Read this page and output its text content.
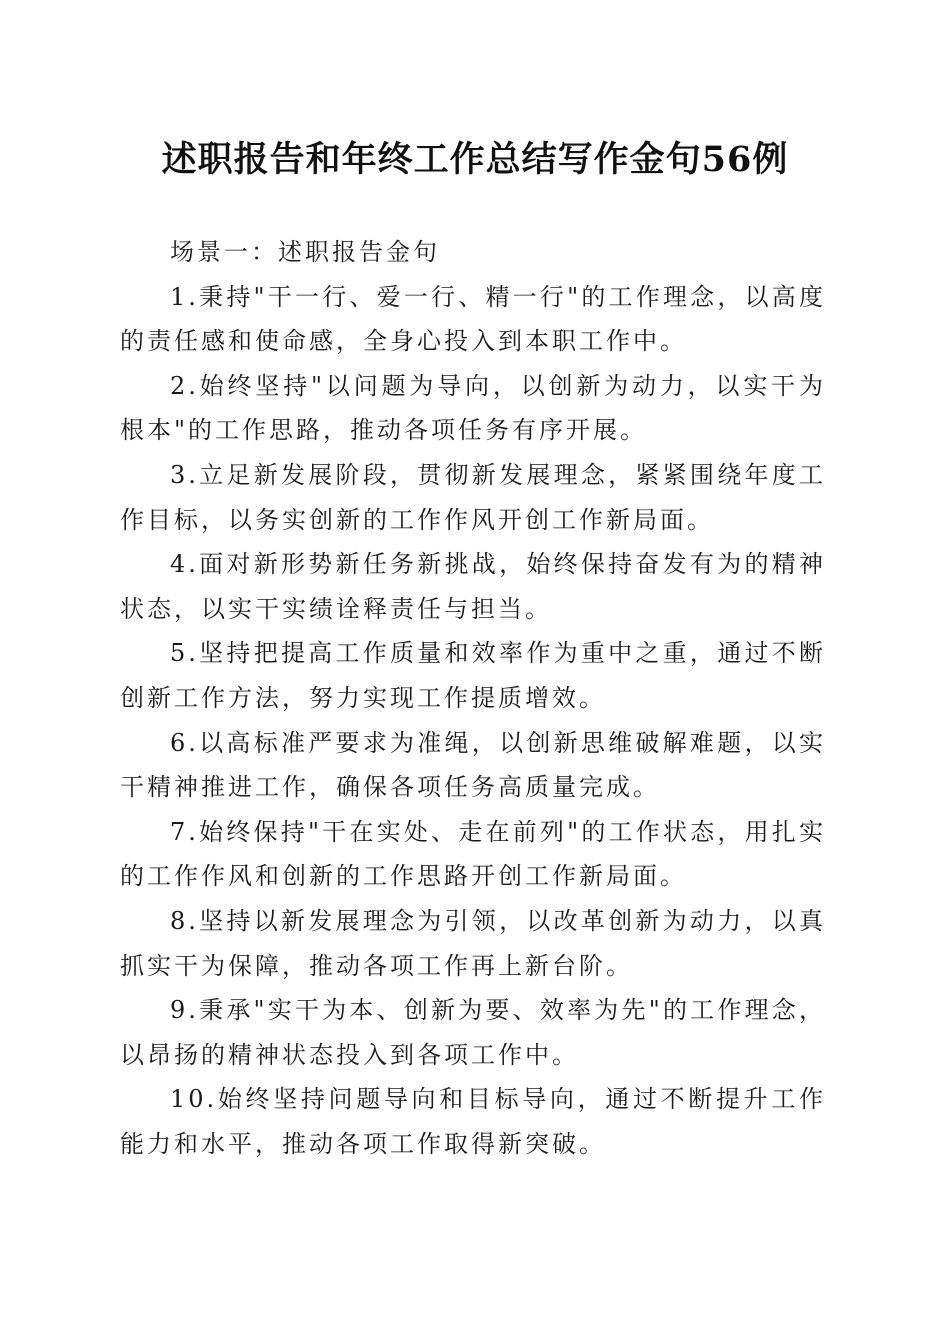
述职报告和年终工作总结写作金句56例
场景一：述职报告金句

1.秉持"干一行、爱一行、精一行"的工作理念，以高度的责任感和使命感，全身心投入到本职工作中。

2.始终坚持"以问题为导向，以创新为动力，以实干为根本"的工作思路，推动各项任务有序开展。

3.立足新发展阶段，贯彻新发展理念，紧紧围绕年度工作目标，以务实创新的工作作风开创工作新局面。

4.面对新形势新任务新挑战，始终保持奋发有为的精神状态，以实干实绩诠释责任与担当。

5.坚持把提高工作质量和效率作为重中之重，通过不断创新工作方法，努力实现工作提质增效。

6.以高标准严要求为准绳，以创新思维破解难题，以实干精神推进工作，确保各项任务高质量完成。

7.始终保持"干在实处、走在前列"的工作状态，用扎实的工作作风和创新的工作思路开创工作新局面。

8.坚持以新发展理念为引领，以改革创新为动力，以真抓实干为保障，推动各项工作再上新台阶。

9.秉承"实干为本、创新为要、效率为先"的工作理念，以昂扬的精神状态投入到各项工作中。

10.始终坚持问题导向和目标导向，通过不断提升工作能力和水平，推动各项工作取得新突破。
